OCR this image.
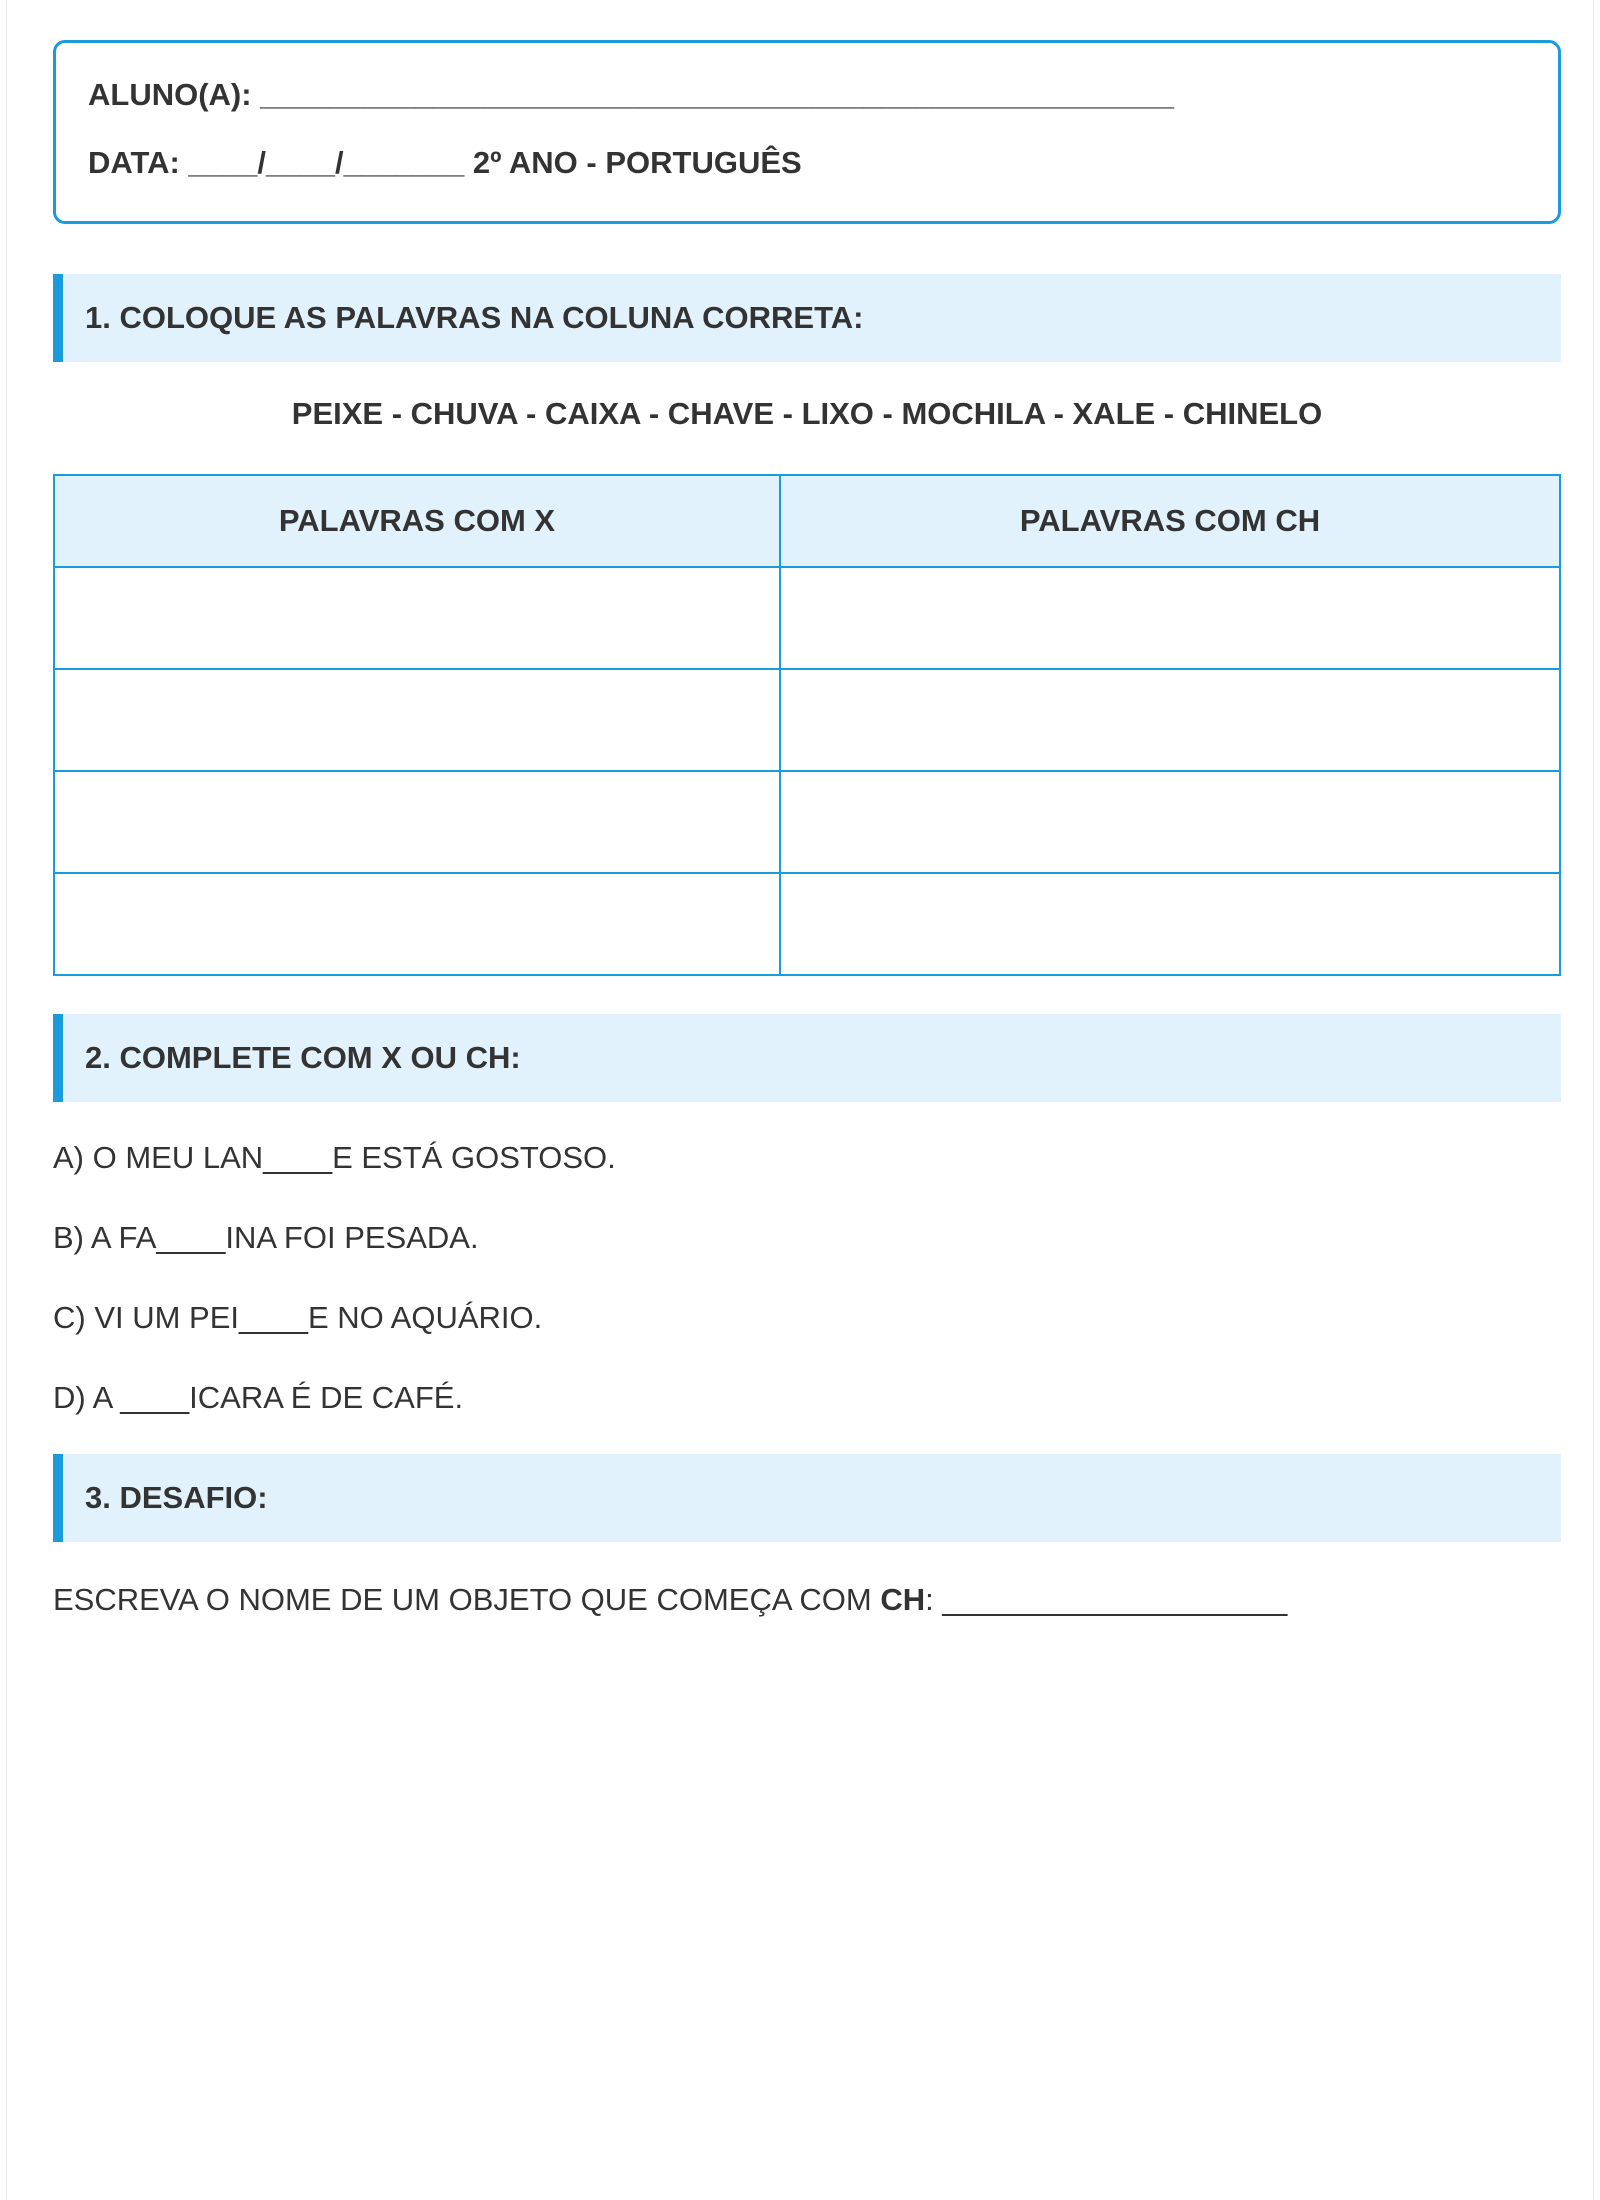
ALUNO(A): _____________________________________________________
DATA: ____/____/_______ 2º ANO - PORTUGUÊS
1. COLOQUE AS PALAVRAS NA COLUNA CORRETA:
PEIXE - CHUVA - CAIXA - CHAVE - LIXO - MOCHILA - XALE - CHINELO
PALAVRAS COM X	PALAVRAS COM CH

2. COMPLETE COM X OU CH:
A) O MEU LAN____E ESTÁ GOSTOSO.
B) A FA____INA FOI PESADA.
C) VI UM PEI____E NO AQUÁRIO.
D) A ____ICARA É DE CAFÉ.
3. DESAFIO:
ESCREVA O NOME DE UM OBJETO QUE COMEÇA COM CH: ____________________
